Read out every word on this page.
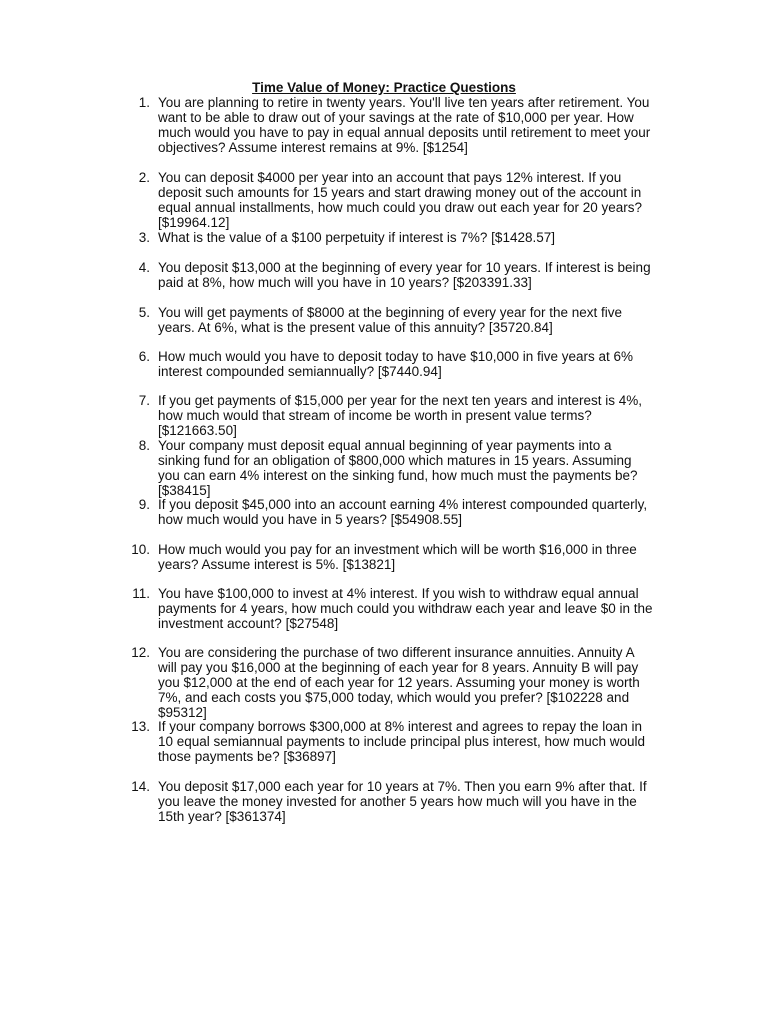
Time Value of Money: Practice Questions
1. You are planning to retire in twenty years. You'll live ten years after retirement. You want to be able to draw out of your savings at the rate of $10,000 per year. How much would you have to pay in equal annual deposits until retirement to meet your objectives? Assume interest remains at 9%. [$1254]
2. You can deposit $4000 per year into an account that pays 12% interest. If you deposit such amounts for 15 years and start drawing money out of the account in equal annual installments, how much could you draw out each year for 20 years? [$19964.12]
3. What is the value of a $100 perpetuity if interest is 7%? [$1428.57]
4. You deposit $13,000 at the beginning of every year for 10 years. If interest is being paid at 8%, how much will you have in 10 years? [$203391.33]
5. You will get payments of $8000 at the beginning of every year for the next five years. At 6%, what is the present value of this annuity? [35720.84]
6. How much would you have to deposit today to have $10,000 in five years at 6% interest compounded semiannually? [$7440.94]
7. If you get payments of $15,000 per year for the next ten years and interest is 4%, how much would that stream of income be worth in present value terms? [$121663.50]
8. Your company must deposit equal annual beginning of year payments into a sinking fund for an obligation of $800,000 which matures in 15 years. Assuming you can earn 4% interest on the sinking fund, how much must the payments be? [$38415]
9. If you deposit $45,000 into an account earning 4% interest compounded quarterly, how much would you have in 5 years? [$54908.55]
10. How much would you pay for an investment which will be worth $16,000 in three years? Assume interest is 5%. [$13821]
11. You have $100,000 to invest at 4% interest. If you wish to withdraw equal annual payments for 4 years, how much could you withdraw each year and leave $0 in the investment account? [$27548]
12. You are considering the purchase of two different insurance annuities. Annuity A will pay you $16,000 at the beginning of each year for 8 years. Annuity B will pay you $12,000 at the end of each year for 12 years. Assuming your money is worth 7%, and each costs you $75,000 today, which would you prefer? [$102228 and $95312]
13. If your company borrows $300,000 at 8% interest and agrees to repay the loan in 10 equal semiannual payments to include principal plus interest, how much would those payments be? [$36897]
14. You deposit $17,000 each year for 10 years at 7%. Then you earn 9% after that. If you leave the money invested for another 5 years how much will you have in the 15th year? [$361374]
